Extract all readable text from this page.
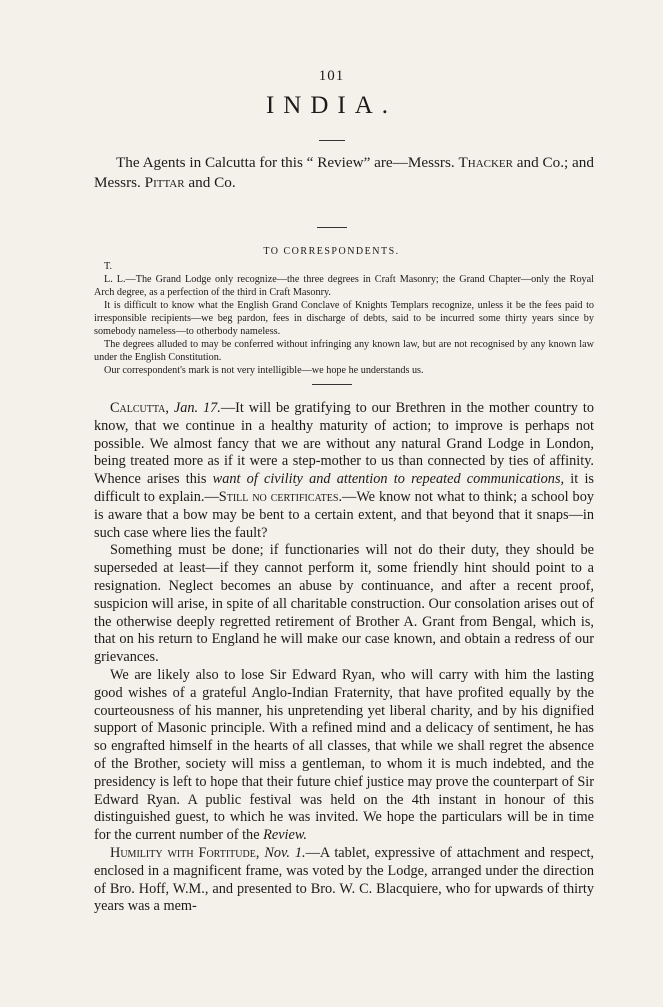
101
INDIA.

The Agents in Calcutta for this “ Review” are—Messrs. Thacker and Co.; and Messrs. Pittar and Co.

TO CORRESPONDENTS.

T.

L. L.—The Grand Lodge only recognize—the three degrees in Craft Masonry; the Grand Chapter—only the Royal Arch degree, as a perfection of the third in Craft Masonry.

It is difficult to know what the English Grand Conclave of Knights Templars recognize, unless it be the fees paid to irresponsible recipients—we beg pardon, fees in discharge of debts, said to be incurred some thirty years since by somebody nameless—to otherbody nameless.

The degrees alluded to may be conferred without infringing any known law, but are not recognised by any known law under the English Constitution.

Our correspondent's mark is not very intelligible—we hope he understands us.

Calcutta, Jan. 17.—It will be gratifying to our Brethren in the mother country to know, that we continue in a healthy maturity of action; to improve is perhaps not possible. We almost fancy that we are without any natural Grand Lodge in London, being treated more as if it were a step-mother to us than connected by ties of affinity. Whence arises this want of civility and attention to repeated communications, it is difficult to explain.—Still no certificates.—We know not what to think; a school boy is aware that a bow may be bent to a certain extent, and that beyond that it snaps—in such case where lies the fault?

Something must be done; if functionaries will not do their duty, they should be superseded at least—if they cannot perform it, some friendly hint should point to a resignation. Neglect becomes an abuse by continuance, and after a recent proof, suspicion will arise, in spite of all charitable construction. Our consolation arises out of the otherwise deeply regretted retirement of Brother A. Grant from Bengal, which is, that on his return to England he will make our case known, and obtain a redress of our grievances.

We are likely also to lose Sir Edward Ryan, who will carry with him the lasting good wishes of a grateful Anglo-Indian Fraternity, that have profited equally by the courteousness of his manner, his unpretending yet liberal charity, and by his dignified support of Masonic principle. With a refined mind and a delicacy of sentiment, he has so engrafted himself in the hearts of all classes, that while we shall regret the absence of the Brother, society will miss a gentleman, to whom it is much indebted, and the presidency is left to hope that their future chief justice may prove the counterpart of Sir Edward Ryan. A public festival was held on the 4th instant in honour of this distinguished guest, to which he was invited. We hope the particulars will be in time for the current number of the Review.

Humility with Fortitude, Nov. 1.—A tablet, expressive of attachment and respect, enclosed in a magnificent frame, was voted by the Lodge, arranged under the direction of Bro. Hoff, W.M., and presented to Bro. W. C. Blacquiere, who for upwards of thirty years was a mem-
